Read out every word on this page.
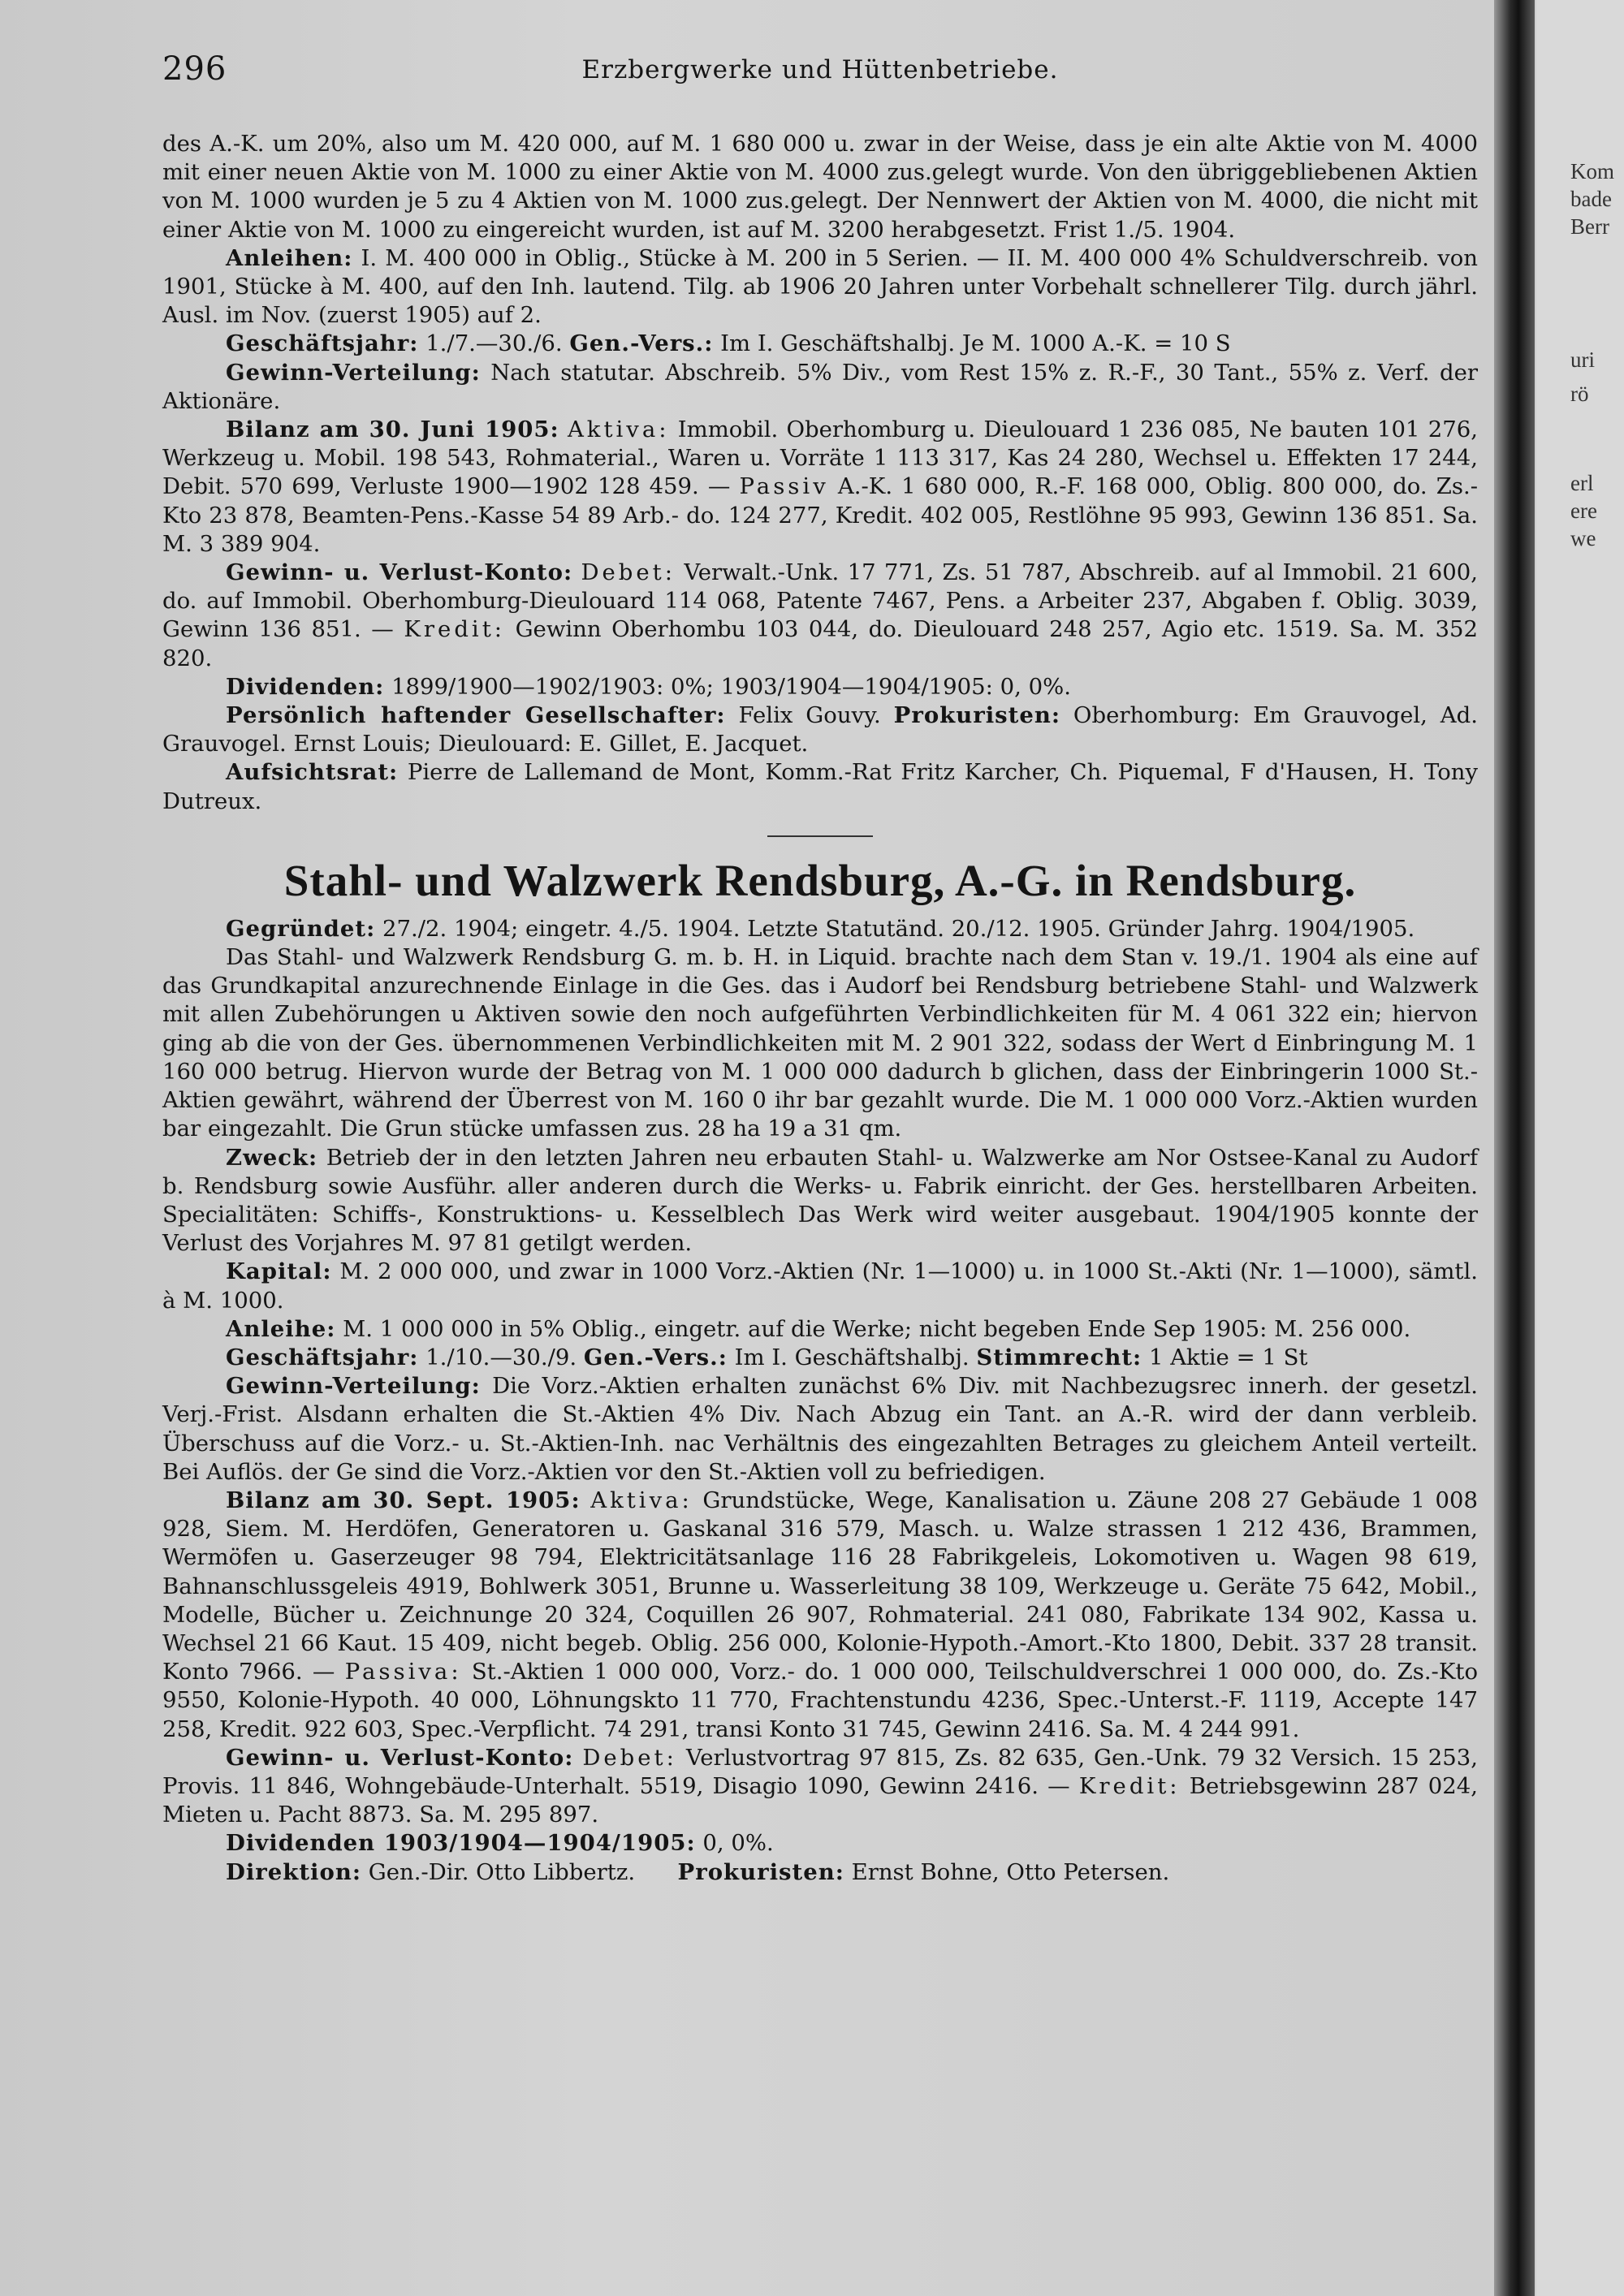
296	Erzbergwerke und Hüttenbetriebe.

des A.-K. um 20%, also um M. 420 000, auf M. 1 680 000 u. zwar in der Weise, dass je ein alte Aktie von M. 4000 mit einer neuen Aktie von M. 1000 zu einer Aktie von M. 4000 zus.gelegt wurde. Von den übriggebliebenen Aktien von M. 1000 wurden je 5 zu 4 Aktien von M. 1000 zus.gelegt. Der Nennwert der Aktien von M. 4000, die nicht mit einer Aktie von M. 1000 zu eingereicht wurden, ist auf M. 3200 herabgesetzt. Frist 1./5. 1904.

Anleihen: I. M. 400 000 in Oblig., Stücke à M. 200 in 5 Serien. — II. M. 400 000 4% Schuldverschreib. von 1901, Stücke à M. 400, auf den Inh. lautend. Tilg. ab 1906 20 Jahren unter Vorbehalt schnellerer Tilg. durch jährl. Ausl. im Nov. (zuerst 1905) auf 2.

Geschäftsjahr: 1./7.—30./6. Gen.-Vers.: Im I. Geschäftshalbj. Je M. 1000 A.-K. = 10 S

Gewinn-Verteilung: Nach statutar. Abschreib. 5% Div., vom Rest 15% z. R.-F., 30 Tant., 55% z. Verf. der Aktionäre.

Bilanz am 30. Juni 1905: Aktiva: Immobil. Oberhomburg u. Dieulouard 1 236 085, Ne bauten 101 276, Werkzeug u. Mobil. 198 543, Rohmaterial., Waren u. Vorräte 1 113 317, Kas 24 280, Wechsel u. Effekten 17 244, Debit. 570 699, Verluste 1900—1902 128 459. — Passiv A.-K. 1 680 000, R.-F. 168 000, Oblig. 800 000, do. Zs.-Kto 23 878, Beamten-Pens.-Kasse 54 89 Arb.- do. 124 277, Kredit. 402 005, Restlöhne 95 993, Gewinn 136 851. Sa. M. 3 389 904.

Gewinn- u. Verlust-Konto: Debet: Verwalt.-Unk. 17 771, Zs. 51 787, Abschreib. auf al Immobil. 21 600, do. auf Immobil. Oberhomburg-Dieulouard 114 068, Patente 7467, Pens. a Arbeiter 237, Abgaben f. Oblig. 3039, Gewinn 136 851. — Kredit: Gewinn Oberhombu 103 044, do. Dieulouard 248 257, Agio etc. 1519. Sa. M. 352 820.

Dividenden: 1899/1900—1902/1903: 0%; 1903/1904—1904/1905: 0, 0%.

Persönlich haftender Gesellschafter: Felix Gouvy. Prokuristen: Oberhomburg: Em Grauvogel, Ad. Grauvogel. Ernst Louis; Dieulouard: E. Gillet, E. Jacquet.

Aufsichtsrat: Pierre de Lallemand de Mont, Komm.-Rat Fritz Karcher, Ch. Piquemal, F d'Hausen, H. Tony Dutreux.

Stahl- und Walzwerk Rendsburg, A.-G. in Rendsburg.

Gegründet: 27./2. 1904; eingetr. 4./5. 1904. Letzte Statutänd. 20./12. 1905. Gründer Jahrg. 1904/1905.

Das Stahl- und Walzwerk Rendsburg G. m. b. H. in Liquid. brachte nach dem Stan v. 19./1. 1904 als eine auf das Grundkapital anzurechnende Einlage in die Ges. das i Audorf bei Rendsburg betriebene Stahl- und Walzwerk mit allen Zubehörungen u Aktiven sowie den noch aufgeführten Verbindlichkeiten für M. 4 061 322 ein; hiervon ging ab die von der Ges. übernommenen Verbindlichkeiten mit M. 2 901 322, sodass der Wert d Einbringung M. 1 160 000 betrug. Hiervon wurde der Betrag von M. 1 000 000 dadurch b glichen, dass der Einbringerin 1000 St.-Aktien gewährt, während der Überrest von M. 160 0 ihr bar gezahlt wurde. Die M. 1 000 000 Vorz.-Aktien wurden bar eingezahlt. Die Grun stücke umfassen zus. 28 ha 19 a 31 qm.

Zweck: Betrieb der in den letzten Jahren neu erbauten Stahl- u. Walzwerke am Nor Ostsee-Kanal zu Audorf b. Rendsburg sowie Ausführ. aller anderen durch die Werks- u. Fabrik einricht. der Ges. herstellbaren Arbeiten. Specialitäten: Schiffs-, Konstruktions- u. Kesselblech Das Werk wird weiter ausgebaut. 1904/1905 konnte der Verlust des Vorjahres M. 97 81 getilgt werden.

Kapital: M. 2 000 000, und zwar in 1000 Vorz.-Aktien (Nr. 1—1000) u. in 1000 St.-Akti (Nr. 1—1000), sämtl. à M. 1000.

Anleihe: M. 1 000 000 in 5% Oblig., eingetr. auf die Werke; nicht begeben Ende Sep 1905: M. 256 000.

Geschäftsjahr: 1./10.—30./9. Gen.-Vers.: Im I. Geschäftshalbj. Stimmrecht: 1 Aktie = 1 St

Gewinn-Verteilung: Die Vorz.-Aktien erhalten zunächst 6% Div. mit Nachbezugsrec innerh. der gesetzl. Verj.-Frist. Alsdann erhalten die St.-Aktien 4% Div. Nach Abzug ein Tant. an A.-R. wird der dann verbleib. Überschuss auf die Vorz.- u. St.-Aktien-Inh. nac Verhältnis des eingezahlten Betrages zu gleichem Anteil verteilt. Bei Auflös. der Ge sind die Vorz.-Aktien vor den St.-Aktien voll zu befriedigen.

Bilanz am 30. Sept. 1905: Aktiva: Grundstücke, Wege, Kanalisation u. Zäune 208 27 Gebäude 1 008 928, Siem. M. Herdöfen, Generatoren u. Gaskanal 316 579, Masch. u. Walze strassen 1 212 436, Brammen, Wermöfen u. Gaserzeuger 98 794, Elektricitätsanlage 116 28 Fabrikgeleis, Lokomotiven u. Wagen 98 619, Bahnanschlussgeleis 4919, Bohlwerk 3051, Brunne u. Wasserleitung 38 109, Werkzeuge u. Geräte 75 642, Mobil., Modelle, Bücher u. Zeichnunge 20 324, Coquillen 26 907, Rohmaterial. 241 080, Fabrikate 134 902, Kassa u. Wechsel 21 66 Kaut. 15 409, nicht begeb. Oblig. 256 000, Kolonie-Hypoth.-Amort.-Kto 1800, Debit. 337 28 transit. Konto 7966. — Passiva: St.-Aktien 1 000 000, Vorz.- do. 1 000 000, Teilschuldverschrei 1 000 000, do. Zs.-Kto 9550, Kolonie-Hypoth. 40 000, Löhnungskto 11 770, Frachtenstundu 4236, Spec.-Unterst.-F. 1119, Accepte 147 258, Kredit. 922 603, Spec.-Verpflicht. 74 291, transi Konto 31 745, Gewinn 2416. Sa. M. 4 244 991.

Gewinn- u. Verlust-Konto: Debet: Verlustvortrag 97 815, Zs. 82 635, Gen.-Unk. 79 32 Versich. 15 253, Provis. 11 846, Wohngebäude-Unterhalt. 5519, Disagio 1090, Gewinn 2416. — Kredit: Betriebsgewinn 287 024, Mieten u. Pacht 8873. Sa. M. 295 897.

Dividenden 1903/1904—1904/1905: 0, 0%.

Direktion: Gen.-Dir. Otto Libbertz. Prokuristen: Ernst Bohne, Otto Petersen.

Kom
bade
Berr
uri
rö
erl
ere
we
